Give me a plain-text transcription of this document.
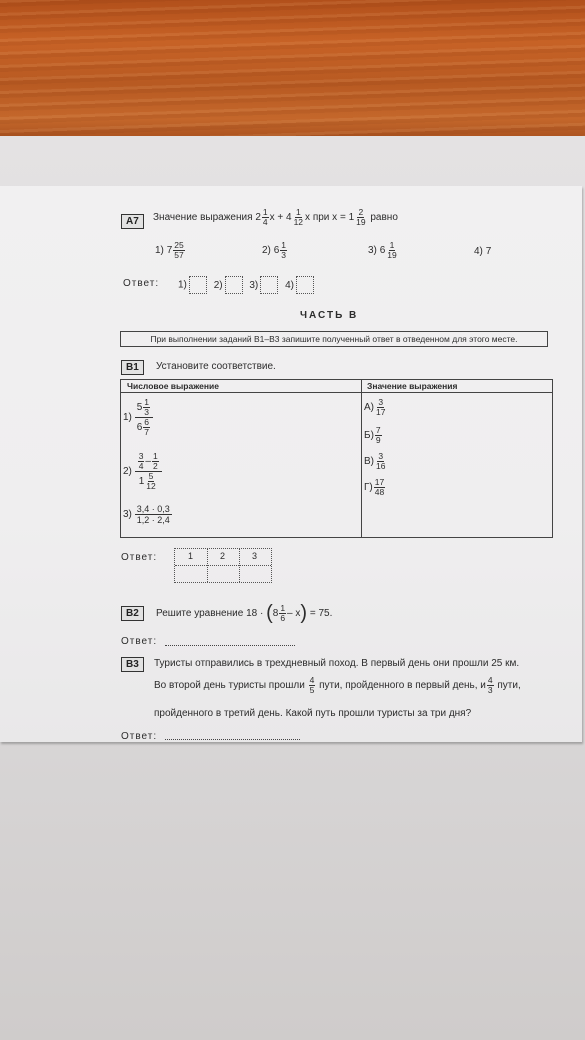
A7	Значение выражения $2 \frac{1}{4}$ $x + 4 \frac{1}{12}$ x при $x = 1 \frac{2}{19}$ равно
1) $7 \frac{25}{57}$	2) $6 \frac{1}{3}$	3) $6 \frac{1}{19}$	4) 7
Ответ: 1)	2)	3)	4)
ЧАСТЬ В
При выполнении заданий В1–В3 запишите полученный ответ в отведенном для этого месте.
В1	Установите соответствие.
Числовое выражение	Значение выражения
$1) \frac{5 \frac{1}{3}}{6 \frac{6}{7}}$
$2) \frac{\frac{3}{4} - \frac{1}{2}}{1 \frac{5}{12}}$
$3) \frac{3,4 \cdot 0,3}{1,2 \cdot 2,4}$
$А) \frac{3}{17}$
$Б) \frac{7}{9}$
$В) \frac{3}{16}$
$Г) \frac{17}{48}$
Ответ:	1	2	3
В2	Решите уравнение $18 \cdot (8 \frac{1}{6} - x) = 75$.
Ответ:
В3	Туристы отправились в трехдневный поход. В первый день они прошли 25 км.
Во второй день туристы прошли $\frac{4}{5}$ пути, пройденного в первый день, и $\frac{4}{3}$ пути,
пройденного в третий день. Какой путь прошли туристы за три дня?
Ответ:
